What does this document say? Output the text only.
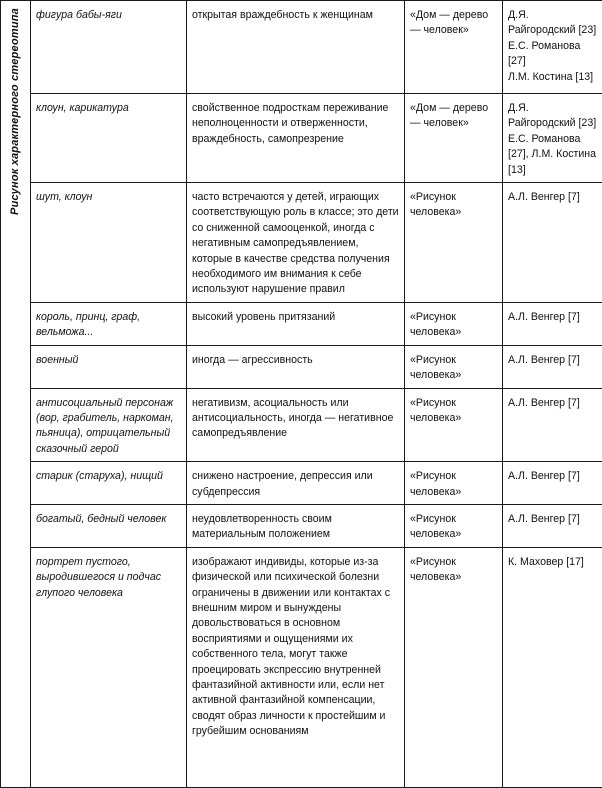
Рисунок характерного стереотипа	фигура бабы-яги	открытая враждебность к женщинам	«Дом — дерево — человек»	Д.Я. Райгородский [23]
Е.С. Романова [27]
Л.М. Костина [13]
	клоун, карикатура	свойственное подросткам переживание неполноценности и отверженности, враждебность, самопрезрение	«Дом — дерево — человек»	Д.Я. Райгородский [23]
Е.С. Романова [27], Л.М. Костина [13]
	шут, клоун	часто встречаются у детей, играющих соответствующую роль в классе; это дети со сниженной самооценкой, иногда с негативным самопредъявлением, которые в качестве средства получения необходимого им внимания к себе используют нарушение правил	«Рисунок человека»	А.Л. Венгер [7]
	король, принц, граф, вельможа...	высокий уровень притязаний	«Рисунок человека»	А.Л. Венгер [7]
	военный	иногда — агрессивность	«Рисунок человека»	А.Л. Венгер [7]
	антисоциальный персонаж (вор, грабитель, наркоман, пьяница), отрицательный сказочный герой	негативизм, асоциальность или антисоциальность, иногда — негативное самопредъявление	«Рисунок человека»	А.Л. Венгер [7]
	старик (старуха), нищий	снижено настроение, депрессия или субдепрессия	«Рисунок человека»	А.Л. Венгер [7]
	богатый, бедный человек	неудовлетворенность своим материальным положением	«Рисунок человека»	А.Л. Венгер [7]
	портрет пустого, выродившегося и подчас глупого человека	изображают индивиды, которые из-за физической или психической болезни ограничены в движении или контактах с внешним миром и вынуждены довольствоваться в основном восприятиями и ощущениями их собственного тела, могут также проецировать экспрессию внутренней фантазийной активности или, если нет активной фантазийной компенсации, сводят образ личности к простейшим и грубейшим основаниям	«Рисунок человека»	К. Маховер [17]
